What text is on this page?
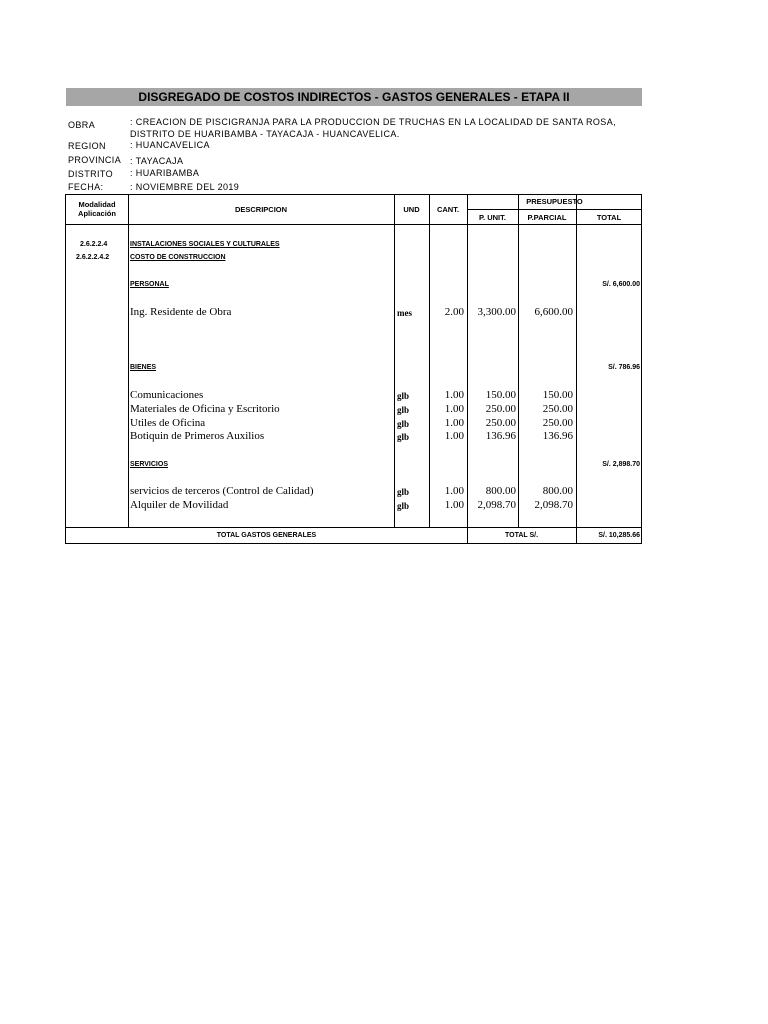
DISGREGADO DE COSTOS INDIRECTOS - GASTOS GENERALES - ETAPA II
OBRA	: CREACION DE PISCIGRANJA PARA LA PRODUCCION DE TRUCHAS EN LA LOCALIDAD DE SANTA ROSA, DISTRITO DE HUARIBAMBA - TAYACAJA - HUANCAVELICA.
REGION	: HUANCAVELICA
PROVINCIA : TAYACAJA
DISTRITO : HUARIBAMBA
FECHA:	: NOVIEMBRE DEL 2019
Modalidad Aplicación	DESCRIPCION	UND	CANT.
PRESUPUESTO
P. UNIT.	P.PARCIAL	TOTAL
2.6.2.2.4	INSTALACIONES SOCIALES Y CULTURALES
2.6.2.2.4.2	COSTO DE CONSTRUCCION
PERSONAL	S/. 6,600.00
Ing. Residente de Obra	mes	2.00	3,300.00	6,600.00
BIENES	S/. 786.96
Comunicaciones	glb	1.00	150.00	150.00
Materiales de Oficina y Escritorio	glb	1.00	250.00	250.00
Utiles de Oficina	glb	1.00	250.00	250.00
Botiquin de Primeros Auxilios	glb	1.00	136.96	136.96
SERVICIOS	S/. 2,898.70
servicios de terceros (Control de Calidad)	glb	1.00	800.00	800.00
Alquiler de Movilidad	glb	1.00	2,098.70	2,098.70
TOTAL GASTOS GENERALES	TOTAL S/.	S/. 10,285.66
